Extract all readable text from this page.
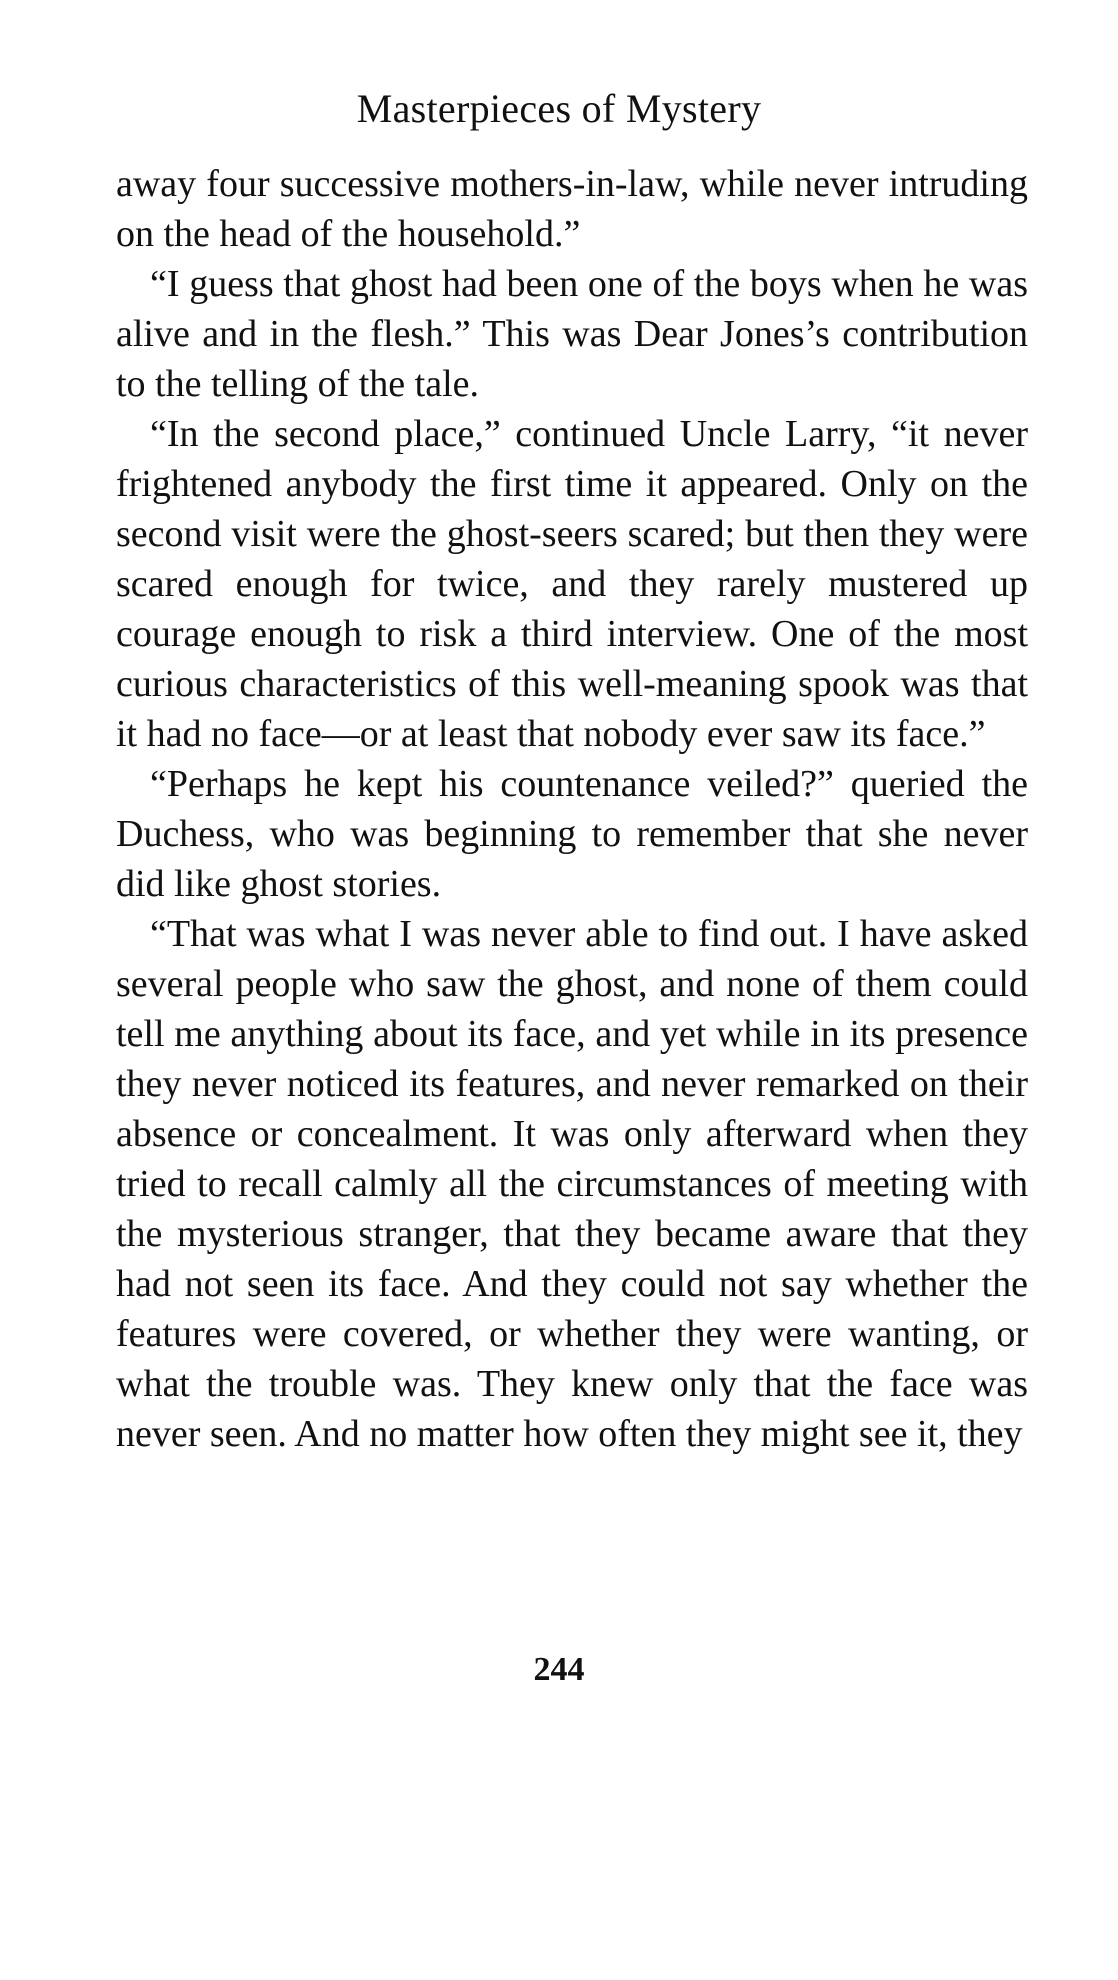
Masterpieces of Mystery

away four successive mothers-in-law, while never intruding on the head of the household.”

“I guess that ghost had been one of the boys when he was alive and in the flesh.” This was Dear Jones’s contribution to the telling of the tale.

“In the second place,” continued Uncle Larry, “it never frightened anybody the first time it appeared. Only on the second visit were the ghost-seers scared; but then they were scared enough for twice, and they rarely mustered up courage enough to risk a third interview. One of the most curious characteristics of this well-meaning spook was that it had no face—or at least that nobody ever saw its face.”

“Perhaps he kept his countenance veiled?” queried the Duchess, who was beginning to remember that she never did like ghost stories.

“That was what I was never able to find out. I have asked several people who saw the ghost, and none of them could tell me anything about its face, and yet while in its presence they never noticed its features, and never remarked on their absence or concealment. It was only afterward when they tried to recall calmly all the circumstances of meeting with the mysterious stranger, that they became aware that they had not seen its face. And they could not say whether the features were covered, or whether they were wanting, or what the trouble was. They knew only that the face was never seen. And no matter how often they might see it, they

244
